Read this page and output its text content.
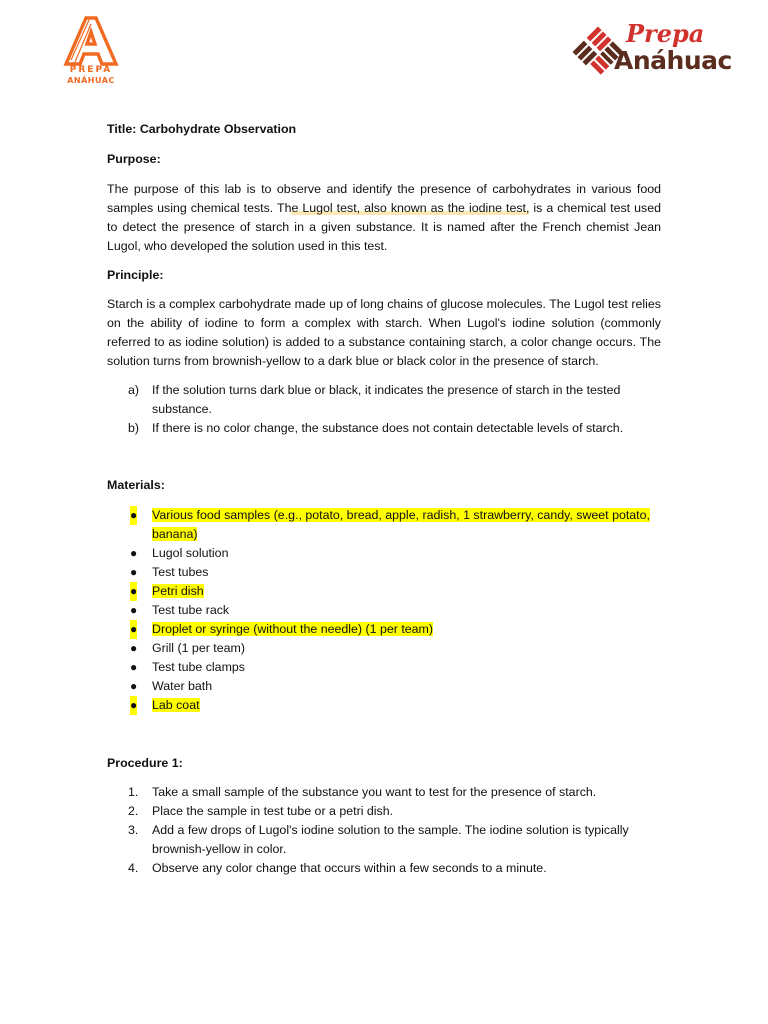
PREPA
ANÁHUAC
Prepa
Anáhuac

Title: Carbohydrate Observation

Purpose:

The purpose of this lab is to observe and identify the presence of carbohydrates in various food samples using chemical tests. The Lugol test, also known as the iodine test, is a chemical test used to detect the presence of starch in a given substance. It is named after the French chemist Jean Lugol, who developed the solution used in this test.

Principle:

Starch is a complex carbohydrate made up of long chains of glucose molecules. The Lugol test relies on the ability of iodine to form a complex with starch. When Lugol's iodine solution (commonly referred to as iodine solution) is added to a substance containing starch, a color change occurs. The solution turns from brownish-yellow to a dark blue or black color in the presence of starch.

a) If the solution turns dark blue or black, it indicates the presence of starch in the tested substance.
b) If there is no color change, the substance does not contain detectable levels of starch.

Materials:

● Various food samples (e.g., potato, bread, apple, radish, 1 strawberry, candy, sweet potato, banana)
● Lugol solution
● Test tubes
● Petri dish
● Test tube rack
● Droplet or syringe (without the needle) (1 per team)
● Grill (1 per team)
● Test tube clamps
● Water bath
● Lab coat

Procedure 1:

1. Take a small sample of the substance you want to test for the presence of starch.
2. Place the sample in test tube or a petri dish.
3. Add a few drops of Lugol's iodine solution to the sample. The iodine solution is typically brownish-yellow in color.
4. Observe any color change that occurs within a few seconds to a minute.
